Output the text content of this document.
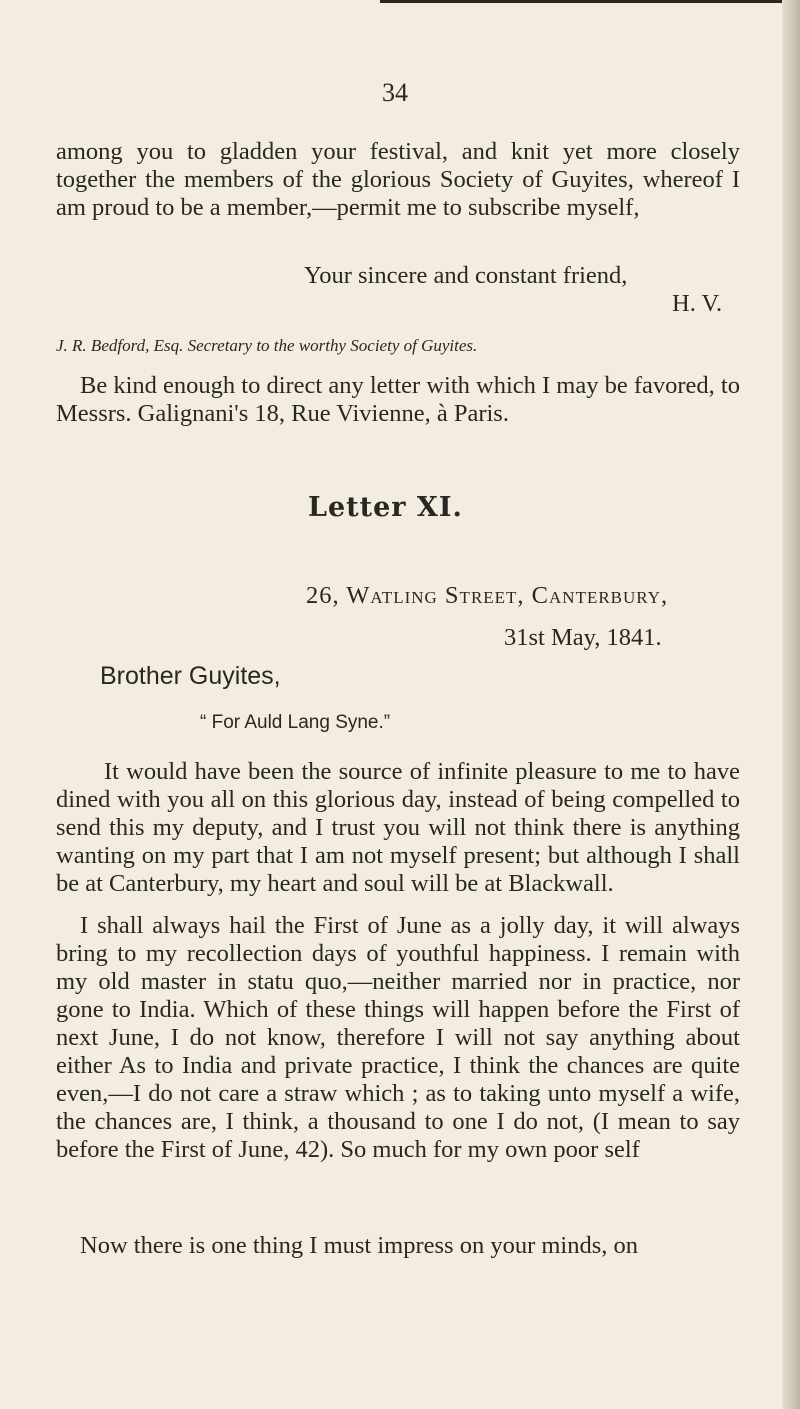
34
among you to gladden your festival, and knit yet more closely together the members of the glorious Society of Guyites, whereof I am proud to be a member,—permit me to subscribe myself,
Your sincere and constant friend,
H. V.
J. R. Bedford, Esq. Secretary to the worthy Society of Guyites.
Be kind enough to direct any letter with which I may be favored, to Messrs. Galignani's 18, Rue Vivienne, à Paris.
Letter XI.
26, Watling Street, Canterbury,
31st May, 1841.
Brother Guyites,
“ For Auld Lang Syne.”
It would have been the source of infinite pleasure to me to have dined with you all on this glorious day, instead of being compelled to send this my deputy, and I trust you will not think there is anything wanting on my part that I am not myself present; but although I shall be at Canterbury, my heart and soul will be at Blackwall.
I shall always hail the First of June as a jolly day, it will always bring to my recollection days of youthful happiness. I remain with my old master in statu quo,—neither married nor in practice, nor gone to India. Which of these things will happen before the First of next June, I do not know, therefore I will not say anything about either As to India and private practice, I think the chances are quite even,—I do not care a straw which ; as to taking unto myself a wife, the chances are, I think, a thousand to one I do not, (I mean to say before the First of June, 42). So much for my own poor self
Now there is one thing I must impress on your minds, on
